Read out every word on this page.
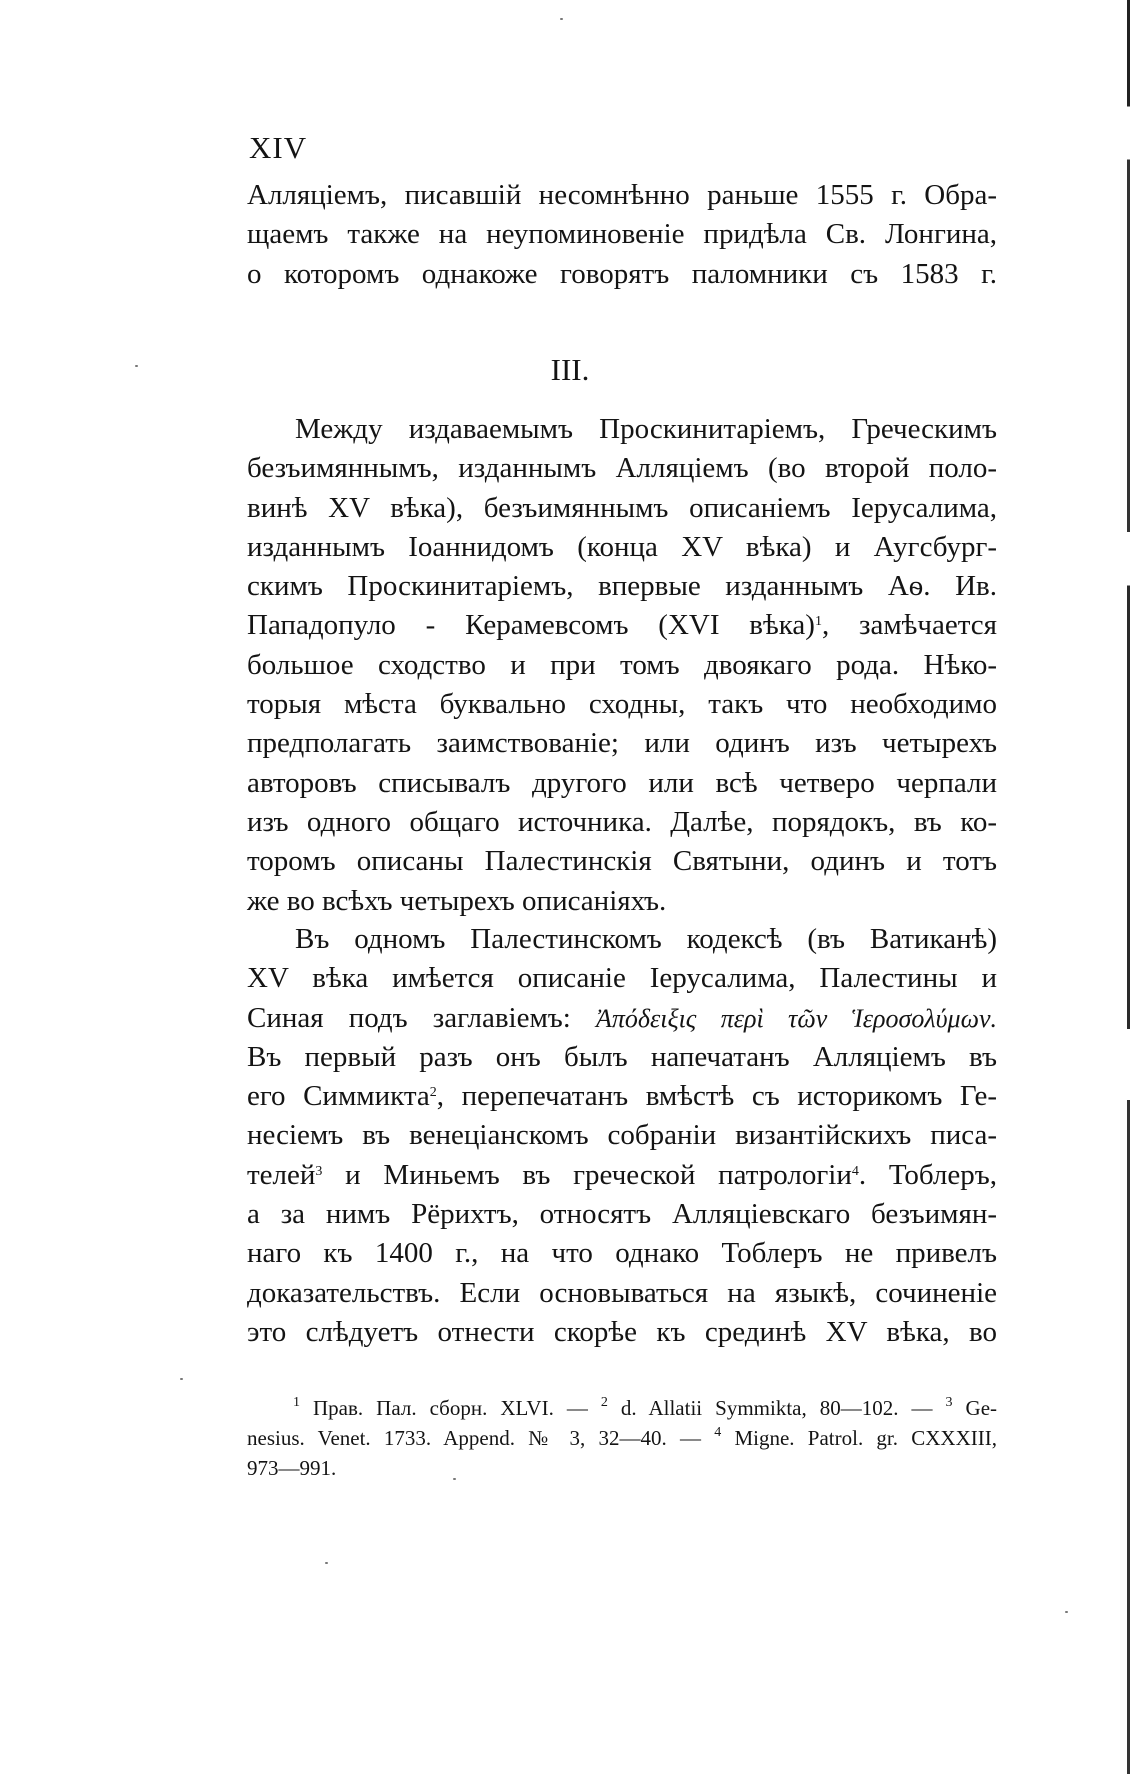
XIV
Алляціемъ, писавшій несомнѣнно раньше 1555 г. Обра-
щаемъ также на неупоминовеніе придѣла Св. Лонгина,
о которомъ однакоже говорятъ паломники съ 1583 г.
III.
Между издаваемымъ Проскинитаріемъ, Греческимъ
безъимяннымъ, изданнымъ Алляціемъ (во второй поло-
винѣ XV вѣка), безъимяннымъ описаніемъ Іерусалима,
изданнымъ Іоаннидомъ (конца XV вѣка) и Аугсбург-
скимъ Проскинитаріемъ, впервые изданнымъ Аѳ. Ив.
Пападопуло - Керамевсомъ (XVI вѣка)$^1$, замѣчается
большое сходство и при томъ двоякаго рода. Нѣко-
торыя мѣста буквально сходны, такъ что необходимо
предполагать заимствованіе; или одинъ изъ четырехъ
авторовъ списывалъ другого или всѣ четверо черпали
изъ одного общаго источника. Далѣе, порядокъ, въ ко-
торомъ описаны Палестинскія Святыни, одинъ и тотъ
же во всѣхъ четырехъ описаніяхъ.
Въ одномъ Палестинскомъ кодексѣ (въ Ватиканѣ)
XV вѣка имѣется описаніе Іерусалима, Палестины и
Синая подъ заглавіемъ: Ἀπόδειξις περὶ τῶν Ἱεροσολύμων.
Въ первый разъ онъ былъ напечатанъ Алляціемъ въ
его Симмикта$^2$, перепечатанъ вмѣстѣ съ историкомъ Ге-
несіемъ въ венеціанскомъ собраніи византійскихъ писа-
телей$^3$ и Миньемъ въ греческой патрологіи$^4$. Тоблеръ,
а за нимъ Рёрихтъ, относятъ Алляціевскаго безъимян-
наго къ 1400 г., на что однако Тоблеръ не привелъ
доказательствъ. Если основываться на языкѣ, сочиненіе
это слѣдуетъ отнести скорѣе къ срединѣ XV вѣка, во
$^1$ Прав. Пал. сборн. XLVI. — $^2$ d. Allatii Symmikta, 80—102. — $^3$ Ge-
nesius. Venet. 1733. Append. № 3, 32—40. — $^4$ Migne. Patrol. gr. CXXXIII,
973—991.
